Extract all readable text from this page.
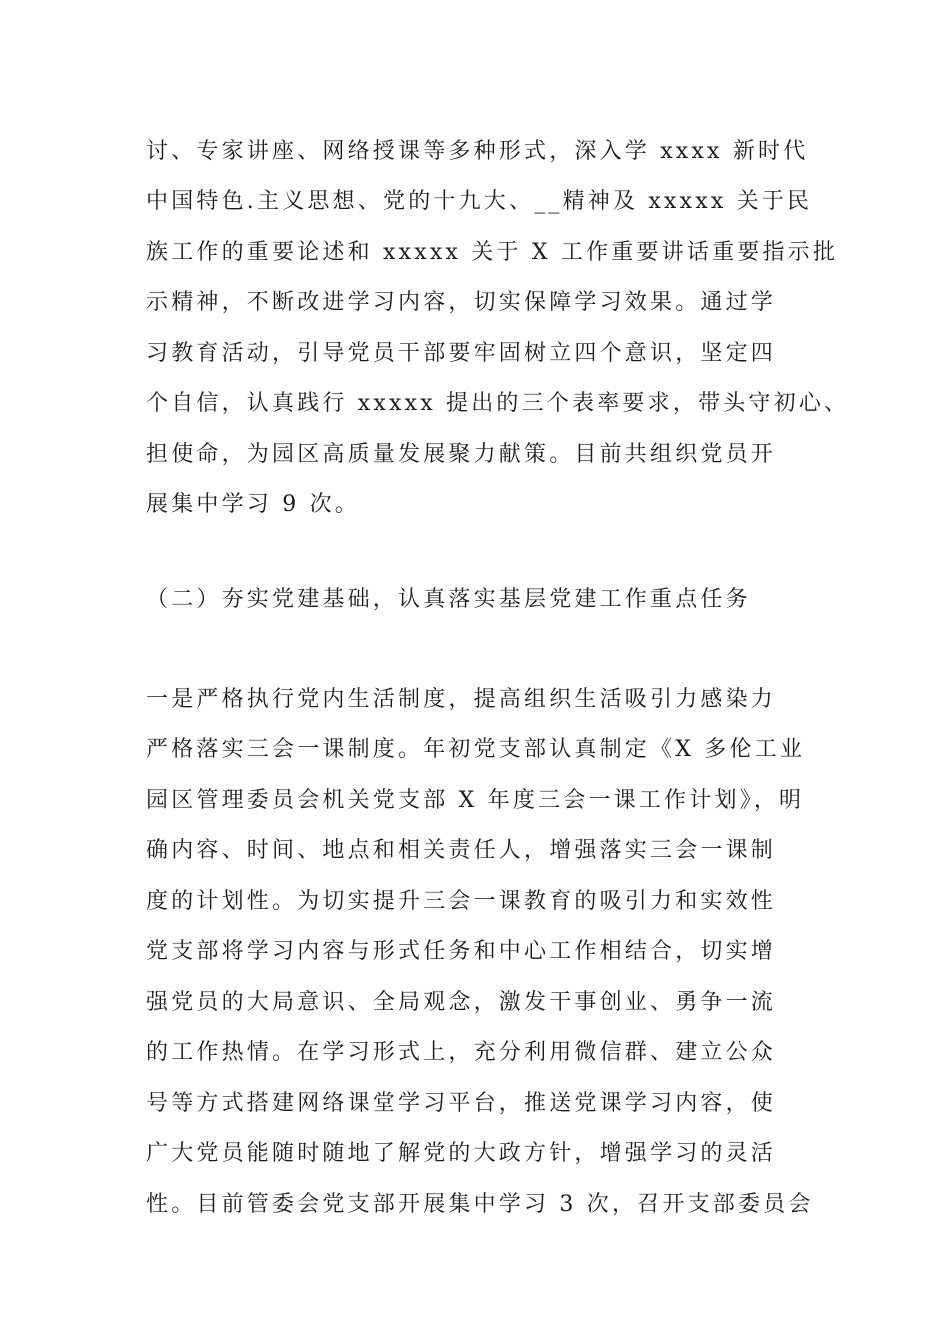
讨、专家讲座、网络授课等多种形式，深入学 xxxx 新时代
中国特色.主义思想、党的十九大、__精神及 xxxxx 关于民
族工作的重要论述和 xxxxx 关于 X 工作重要讲话重要指示批
示精神，不断改进学习内容，切实保障学习效果。通过学
习教育活动，引导党员干部要牢固树立四个意识，坚定四
个自信，认真践行 xxxxx 提出的三个表率要求，带头守初心、
担使命，为园区高质量发展聚力献策。目前共组织党员开
展集中学习 9 次。
（二）夯实党建基础，认真落实基层党建工作重点任务
一是严格执行党内生活制度，提高组织生活吸引力感染力
严格落实三会一课制度。年初党支部认真制定《X 多伦工业
园区管理委员会机关党支部 X 年度三会一课工作计划》，明
确内容、时间、地点和相关责任人，增强落实三会一课制
度的计划性。为切实提升三会一课教育的吸引力和实效性
党支部将学习内容与形式任务和中心工作相结合，切实增
强党员的大局意识、全局观念，激发干事创业、勇争一流
的工作热情。在学习形式上，充分利用微信群、建立公众
号等方式搭建网络课堂学习平台，推送党课学习内容，使
广大党员能随时随地了解党的大政方针，增强学习的灵活
性。目前管委会党支部开展集中学习 3 次，召开支部委员会
